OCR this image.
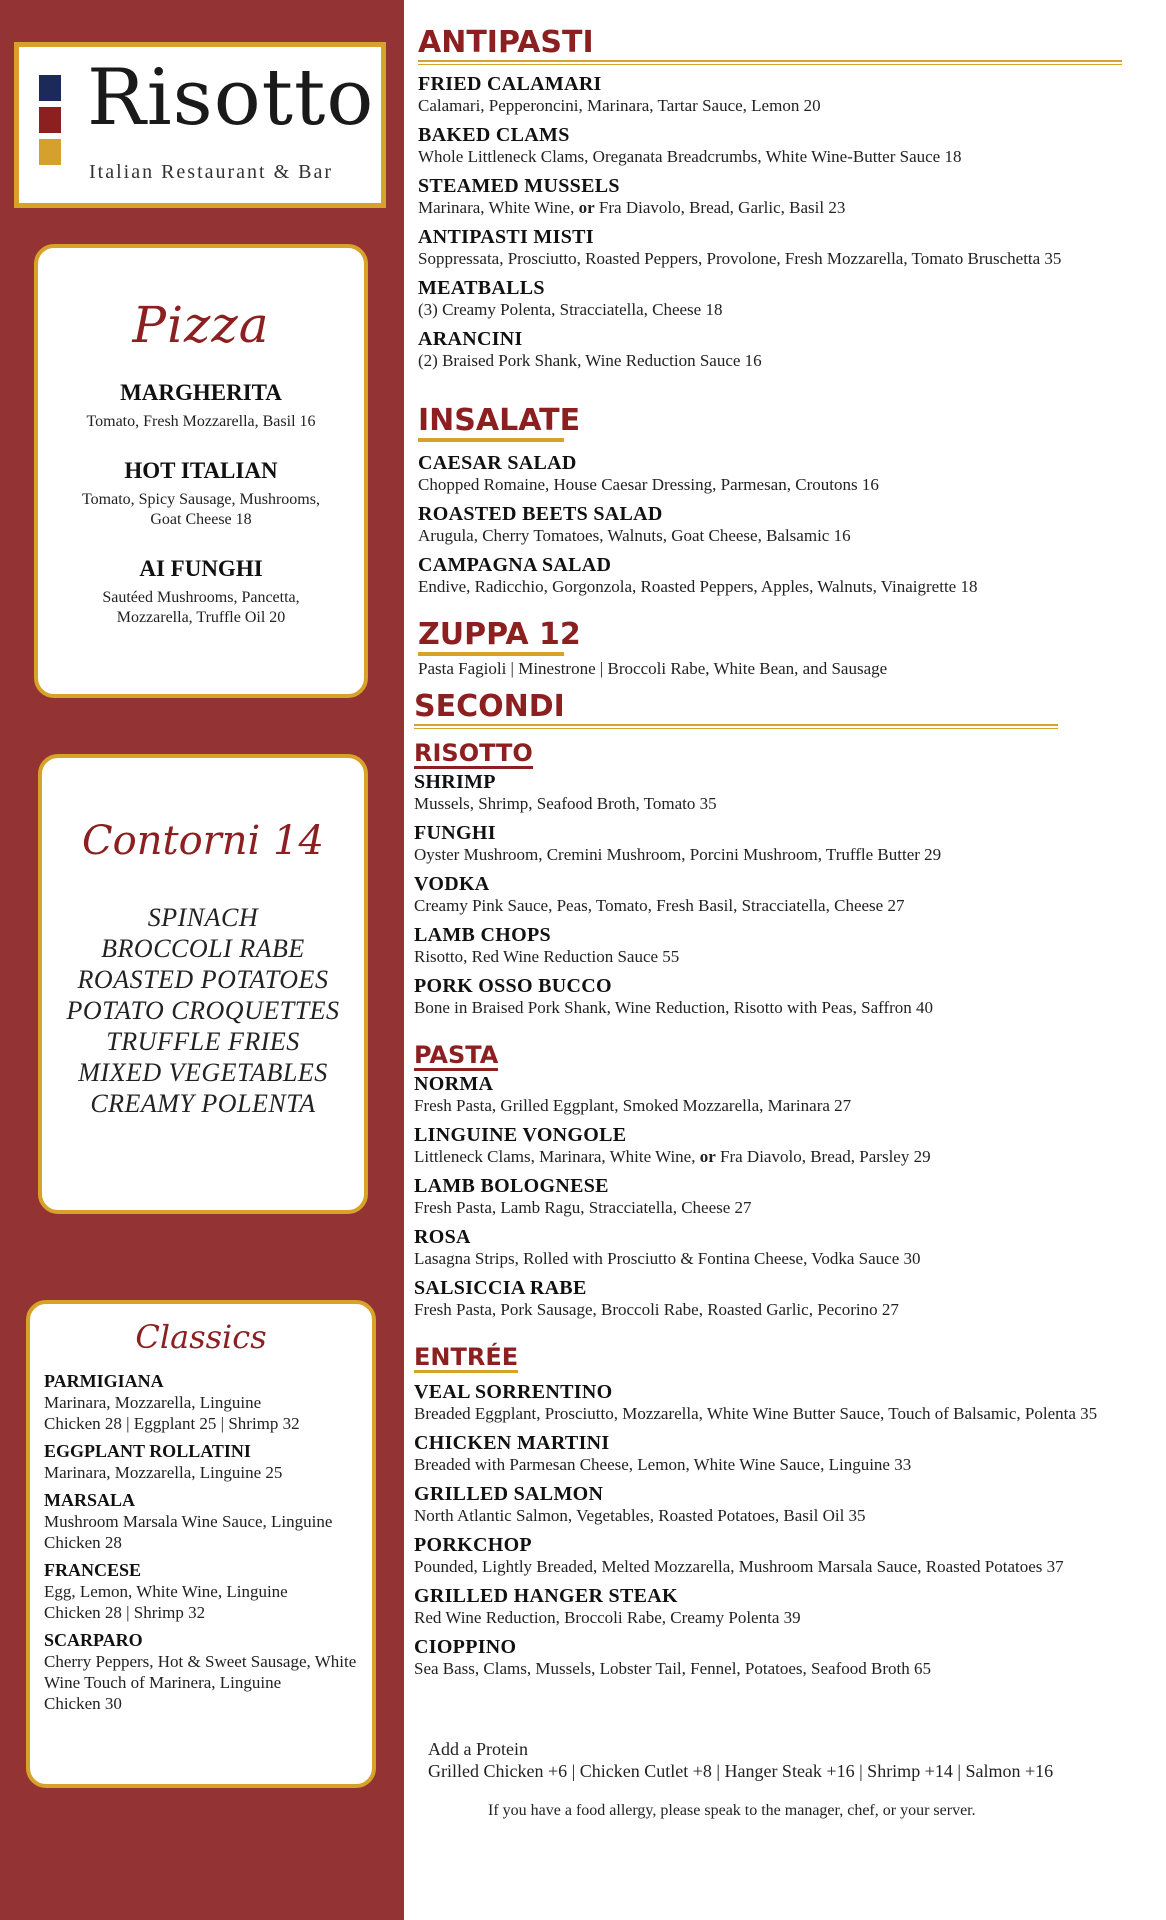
Risotto
Italian Restaurant & Bar
Pizza
MARGHERITA
Tomato, Fresh Mozzarella, Basil 16
HOT ITALIAN
Tomato, Spicy Sausage, Mushrooms, Goat Cheese 18
AI FUNGHI
Sautéed Mushrooms, Pancetta, Mozzarella, Truffle Oil 20
Contorni 14
SPINACH
BROCCOLI RABE
ROASTED POTATOES
POTATO CROQUETTES
TRUFFLE FRIES
MIXED VEGETABLES
CREAMY POLENTA
Classics
PARMIGIANA
Marinara, Mozzarella, Linguine
Chicken 28 | Eggplant 25 | Shrimp 32
EGGPLANT ROLLATINI
Marinara, Mozzarella, Linguine 25
MARSALA
Mushroom Marsala Wine Sauce, Linguine
Chicken 28
FRANCESE
Egg, Lemon, White Wine, Linguine
Chicken 28 | Shrimp 32
SCARPARO
Cherry Peppers, Hot & Sweet Sausage, White
Wine Touch of Marinera, Linguine
Chicken 30
ANTIPASTI
FRIED CALAMARI
Calamari, Pepperoncini, Marinara, Tartar Sauce, Lemon 20
BAKED CLAMS
Whole Littleneck Clams, Oreganata Breadcrumbs, White Wine-Butter Sauce 18
STEAMED MUSSELS
Marinara, White Wine, or Fra Diavolo, Bread, Garlic, Basil 23
ANTIPASTI MISTI
Soppressata, Prosciutto, Roasted Peppers, Provolone, Fresh Mozzarella, Tomato Bruschetta 35
MEATBALLS
(3) Creamy Polenta, Stracciatella, Cheese 18
ARANCINI
(2) Braised Pork Shank, Wine Reduction Sauce 16
INSALATE
CAESAR SALAD
Chopped Romaine, House Caesar Dressing, Parmesan, Croutons 16
ROASTED BEETS SALAD
Arugula, Cherry Tomatoes, Walnuts, Goat Cheese, Balsamic 16
CAMPAGNA SALAD
Endive, Radicchio, Gorgonzola, Roasted Peppers, Apples, Walnuts, Vinaigrette 18
ZUPPA 12
Pasta Fagioli | Minestrone | Broccoli Rabe, White Bean, and Sausage
SECONDI
RISOTTO
SHRIMP
Mussels, Shrimp, Seafood Broth, Tomato 35
FUNGHI
Oyster Mushroom, Cremini Mushroom, Porcini Mushroom, Truffle Butter 29
VODKA
Creamy Pink Sauce, Peas, Tomato, Fresh Basil, Stracciatella, Cheese 27
LAMB CHOPS
Risotto, Red Wine Reduction Sauce 55
PORK OSSO BUCCO
Bone in Braised Pork Shank, Wine Reduction, Risotto with Peas, Saffron 40
PASTA
NORMA
Fresh Pasta, Grilled Eggplant, Smoked Mozzarella, Marinara 27
LINGUINE VONGOLE
Littleneck Clams, Marinara, White Wine, or Fra Diavolo, Bread, Parsley 29
LAMB BOLOGNESE
Fresh Pasta, Lamb Ragu, Stracciatella, Cheese 27
ROSA
Lasagna Strips, Rolled with Prosciutto & Fontina Cheese, Vodka Sauce 30
SALSICCIA RABE
Fresh Pasta, Pork Sausage, Broccoli Rabe, Roasted Garlic, Pecorino 27
ENTRÉE
VEAL SORRENTINO
Breaded Eggplant, Prosciutto, Mozzarella, White Wine Butter Sauce, Touch of Balsamic, Polenta 35
CHICKEN MARTINI
Breaded with Parmesan Cheese, Lemon, White Wine Sauce, Linguine 33
GRILLED SALMON
North Atlantic Salmon, Vegetables, Roasted Potatoes, Basil Oil 35
PORKCHOP
Pounded, Lightly Breaded, Melted Mozzarella, Mushroom Marsala Sauce, Roasted Potatoes 37
GRILLED HANGER STEAK
Red Wine Reduction, Broccoli Rabe, Creamy Polenta 39
CIOPPINO
Sea Bass, Clams, Mussels, Lobster Tail, Fennel, Potatoes, Seafood Broth 65
Add a Protein
Grilled Chicken +6 | Chicken Cutlet +8 | Hanger Steak +16 | Shrimp +14 | Salmon +16
If you have a food allergy, please speak to the manager, chef, or your server.
